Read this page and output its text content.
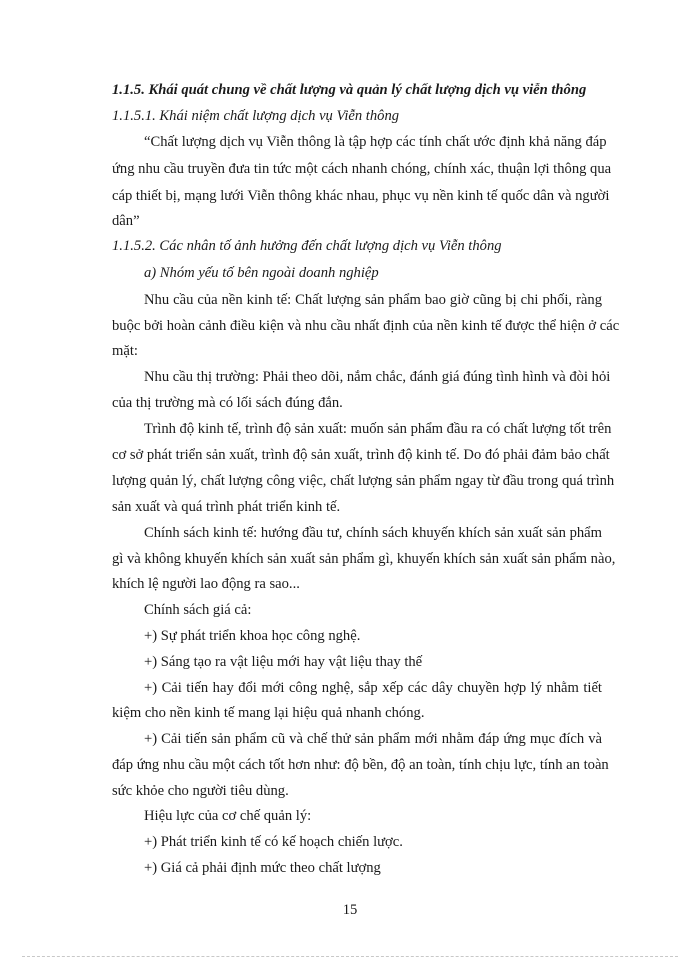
1.1.5. Khái quát chung về chất lượng và quản lý chất lượng dịch vụ viễn thông
1.1.5.1. Khái niệm chất lượng dịch vụ Viễn thông
“Chất lượng dịch vụ Viễn thông là tập hợp các tính chất ước định khả năng đáp
ứng nhu cầu truyền đưa tin tức một cách nhanh chóng, chính xác, thuận lợi thông qua
cáp thiết bị, mạng lưới Viễn thông khác nhau, phục vụ nền kinh tế quốc dân và người
dân”
1.1.5.2. Các nhân tố ảnh hưởng đến chất lượng dịch vụ Viễn thông
a) Nhóm yếu tố bên ngoài doanh nghiệp
Nhu cầu của nền kinh tế: Chất lượng sản phẩm bao giờ cũng bị chi phối, ràng
buộc bởi hoàn cảnh điều kiện và nhu cầu nhất định của nền kinh tế được thể hiện ở các
mặt:
Nhu cầu thị trường: Phải theo dõi, nắm chắc, đánh giá đúng tình hình và đòi hỏi
của thị trường mà có lối sách đúng đắn.
Trình độ kinh tế, trình độ sản xuất: muốn sản phẩm đầu ra có chất lượng tốt trên
cơ sở phát triển sản xuất, trình độ sản xuất, trình độ kinh tế. Do đó phải đảm bảo chất
lượng quản lý, chất lượng công việc, chất lượng sản phẩm ngay từ đầu trong quá trình
sản xuất và quá trình phát triển kinh tế.
Chính sách kinh tế: hướng đầu tư, chính sách khuyến khích sản xuất sản phẩm
gì và không khuyến khích sản xuất sản phẩm gì, khuyến khích sản xuất sản phẩm nào,
khích lệ người lao động ra sao...
Chính sách giá cả:
+) Sự phát triển khoa học công nghệ.
+) Sáng tạo ra vật liệu mới hay vật liệu thay thế
+) Cải tiến hay đổi mới công nghệ, sắp xếp các dây chuyền hợp lý nhằm tiết
kiệm cho nền kinh tế mang lại hiệu quả nhanh chóng.
+) Cải tiến sản phẩm cũ và chế thử sản phẩm mới nhằm đáp ứng mục đích và
đáp ứng nhu cầu một cách tốt hơn như: độ bền, độ an toàn, tính chịu lực, tính an toàn
sức khỏe cho người tiêu dùng.
Hiệu lực của cơ chế quản lý:
+) Phát triển kinh tế có kế hoạch chiến lược.
+) Giá cả phải định mức theo chất lượng
15
